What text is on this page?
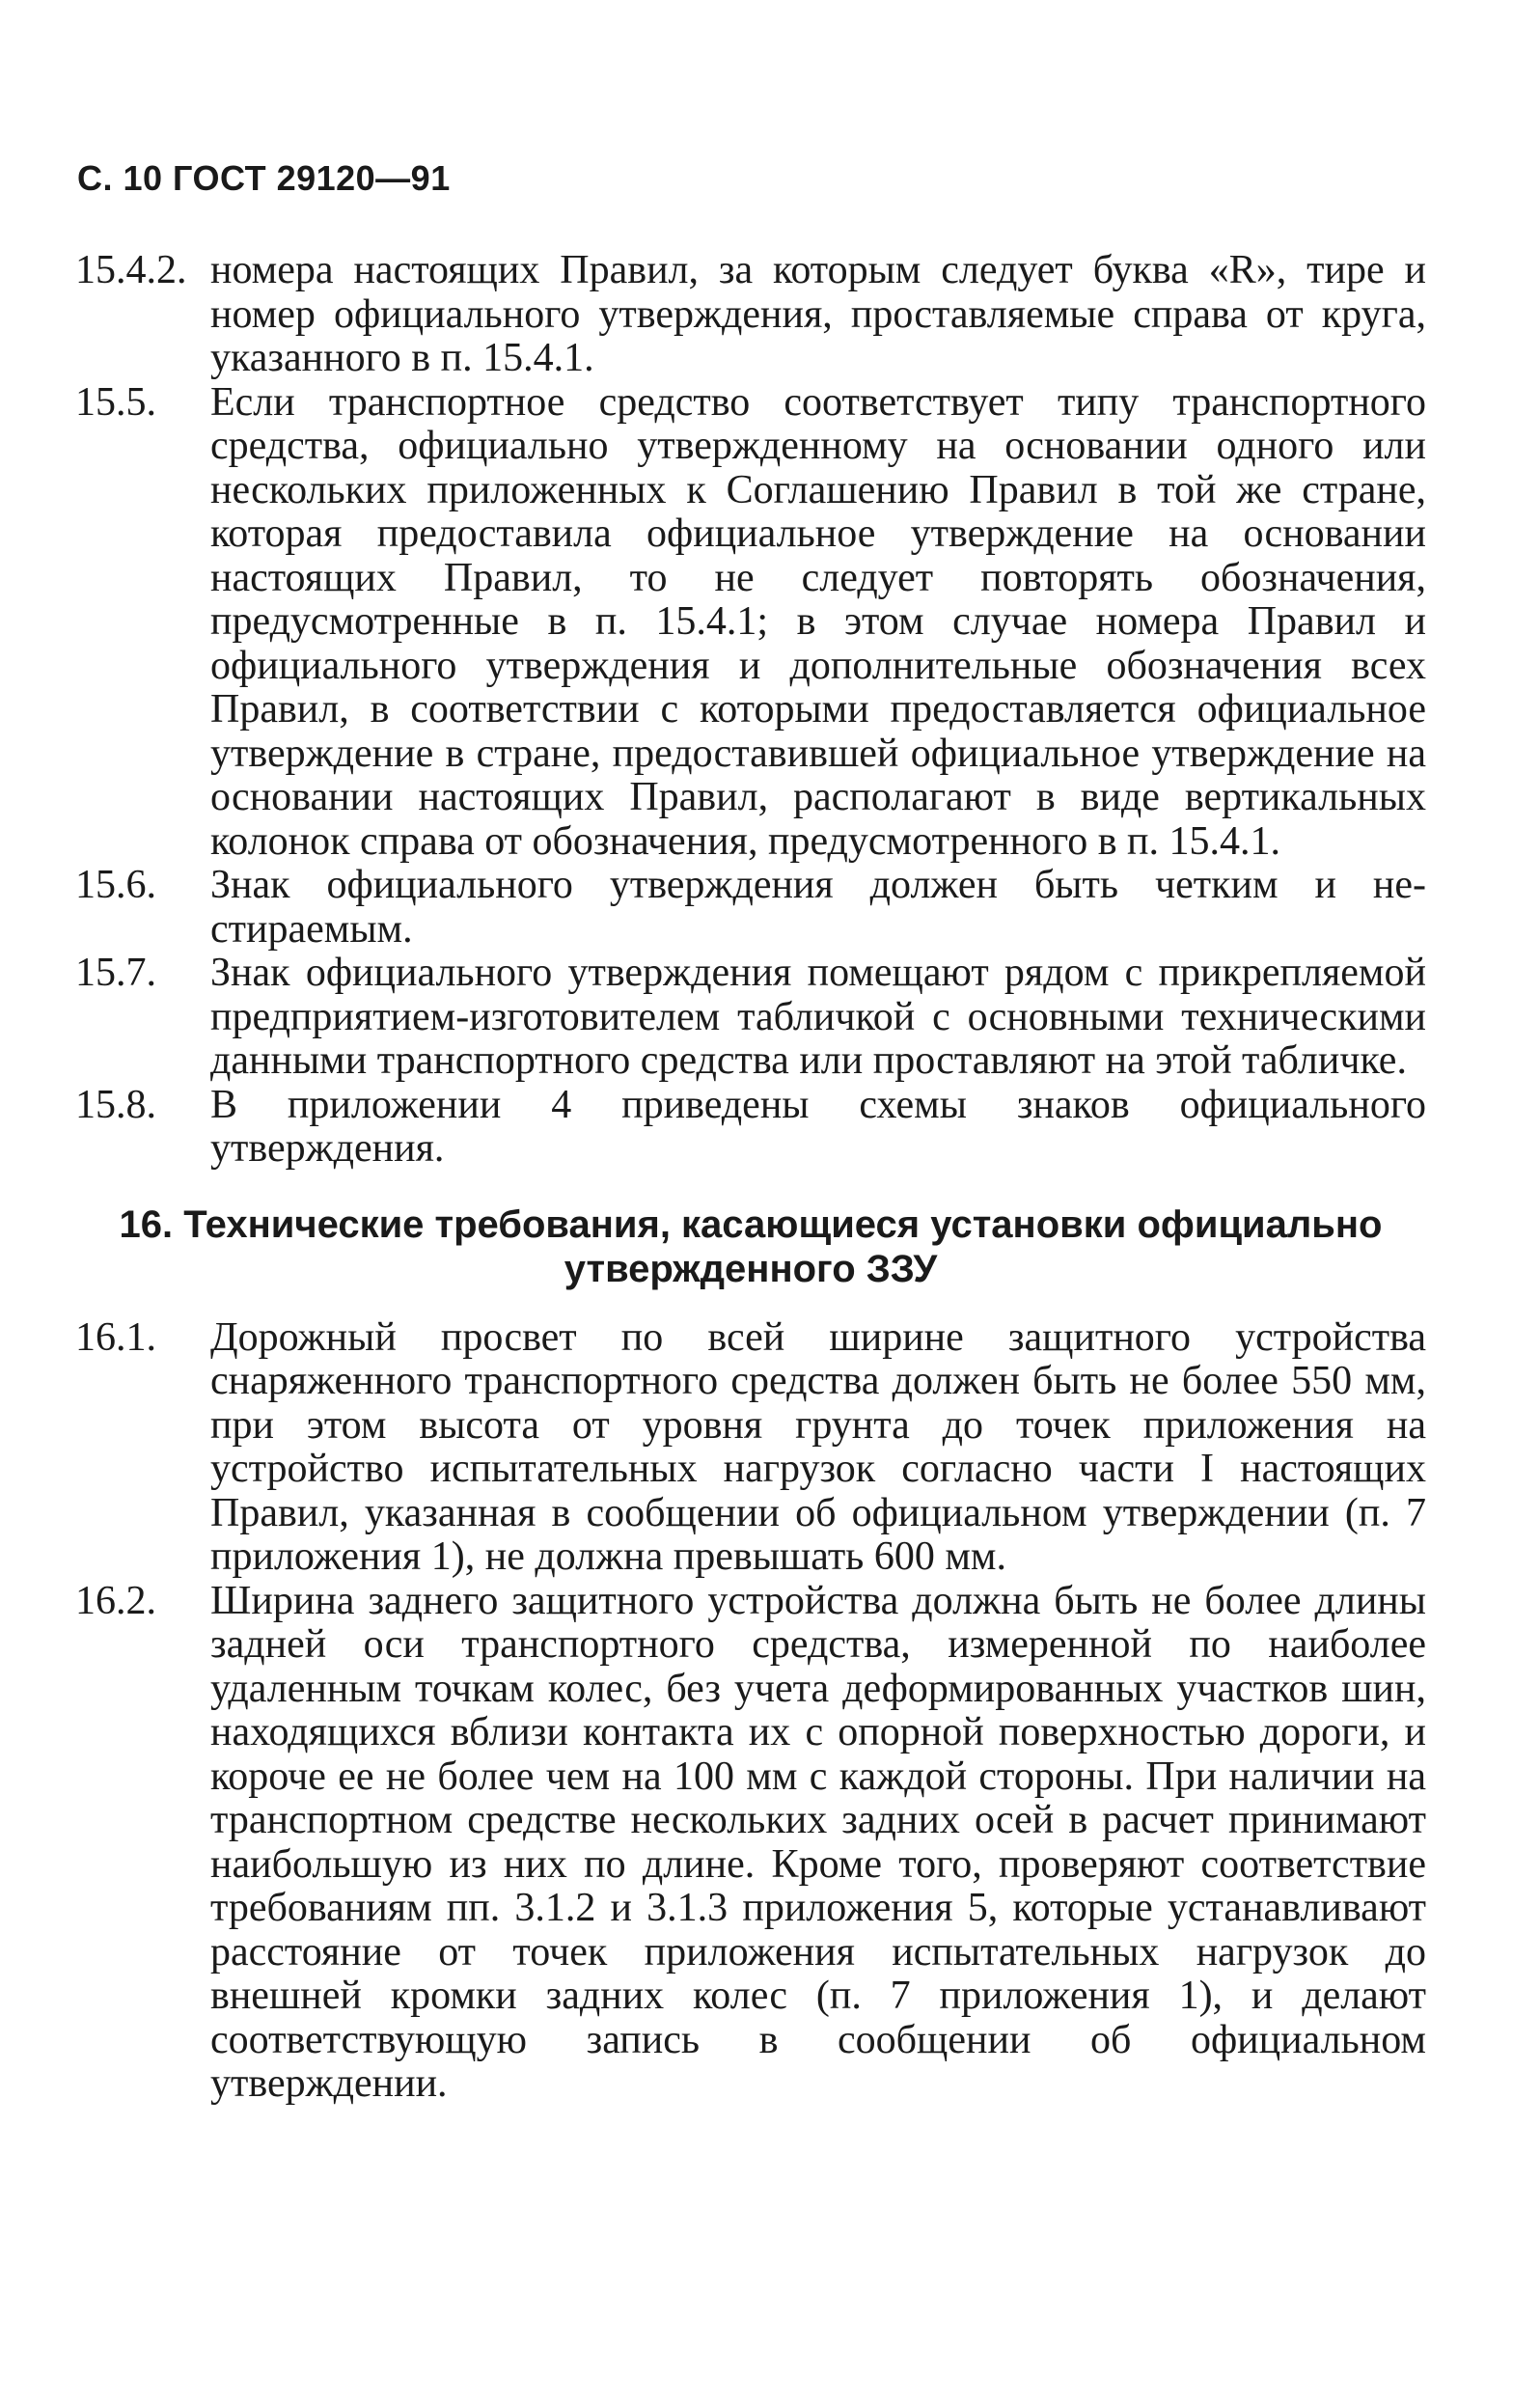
С. 10 ГОСТ 29120—91
15.4.2. номера настоящих Правил, за которым следует буква «R», тире и номер официального утверждения, проставляемые справа от круга, указанного в п. 15.4.1.
15.5.	Если транспортное средство соответствует типу транспортного средства, официально утвержденному на основании одного или нескольких приложенных к Соглашению Правил в той же стране, которая предоставила официальное утверждение на основании настоящих Правил, то не следует повторять обозначения, предусмотренные в п. 15.4.1; в этом случае номера Правил и официального утверждения и дополнительные обозначения всех Правил, в соответствии с которыми предоставляется официальное утверждение в стране, предоставившей официальное утверждение на основании настоящих Правил, располагают в виде вертикальных колонок справа от обозначения, предусмотренного в п. 15.4.1.
15.6.	Знак официального утверждения должен быть четким и нестираемым.
15.7.	Знак официального утверждения помещают рядом с прикрепляемой предприятием-изготовителем табличкой с основными техническими данными транспортного средства или проставляют на этой табличке.
15.8.	В приложении 4 приведены схемы знаков официального утверждения.
16. Технические требования, касающиеся установки официально утвержденного ЗЗУ
16.1.	Дорожный просвет по всей ширине защитного устройства снаряженного транспортного средства должен быть не более 550 мм, при этом высота от уровня грунта до точек приложения на устройство испытательных нагрузок согласно части I настоящих Правил, указанная в сообщении об официальном утверждении (п. 7 приложения 1), не должна превышать 600 мм.
16.2.	Ширина заднего защитного устройства должна быть не более длины задней оси транспортного средства, измеренной по наиболее удаленным точкам колес, без учета деформированных участков шин, находящихся вблизи контакта их с опорной поверхностью дороги, и короче ее не более чем на 100 мм с каждой стороны. При наличии на транспортном средстве нескольких задних осей в расчет принимают наибольшую из них по длине. Кроме того, проверяют соответствие требованиям пп. 3.1.2 и 3.1.3 приложения 5, которые устанавливают расстояние от точек приложения испытательных нагрузок до внешней кромки задних колес (п. 7 приложения 1), и делают соответствующую запись в сообщении об официальном утверждении.
